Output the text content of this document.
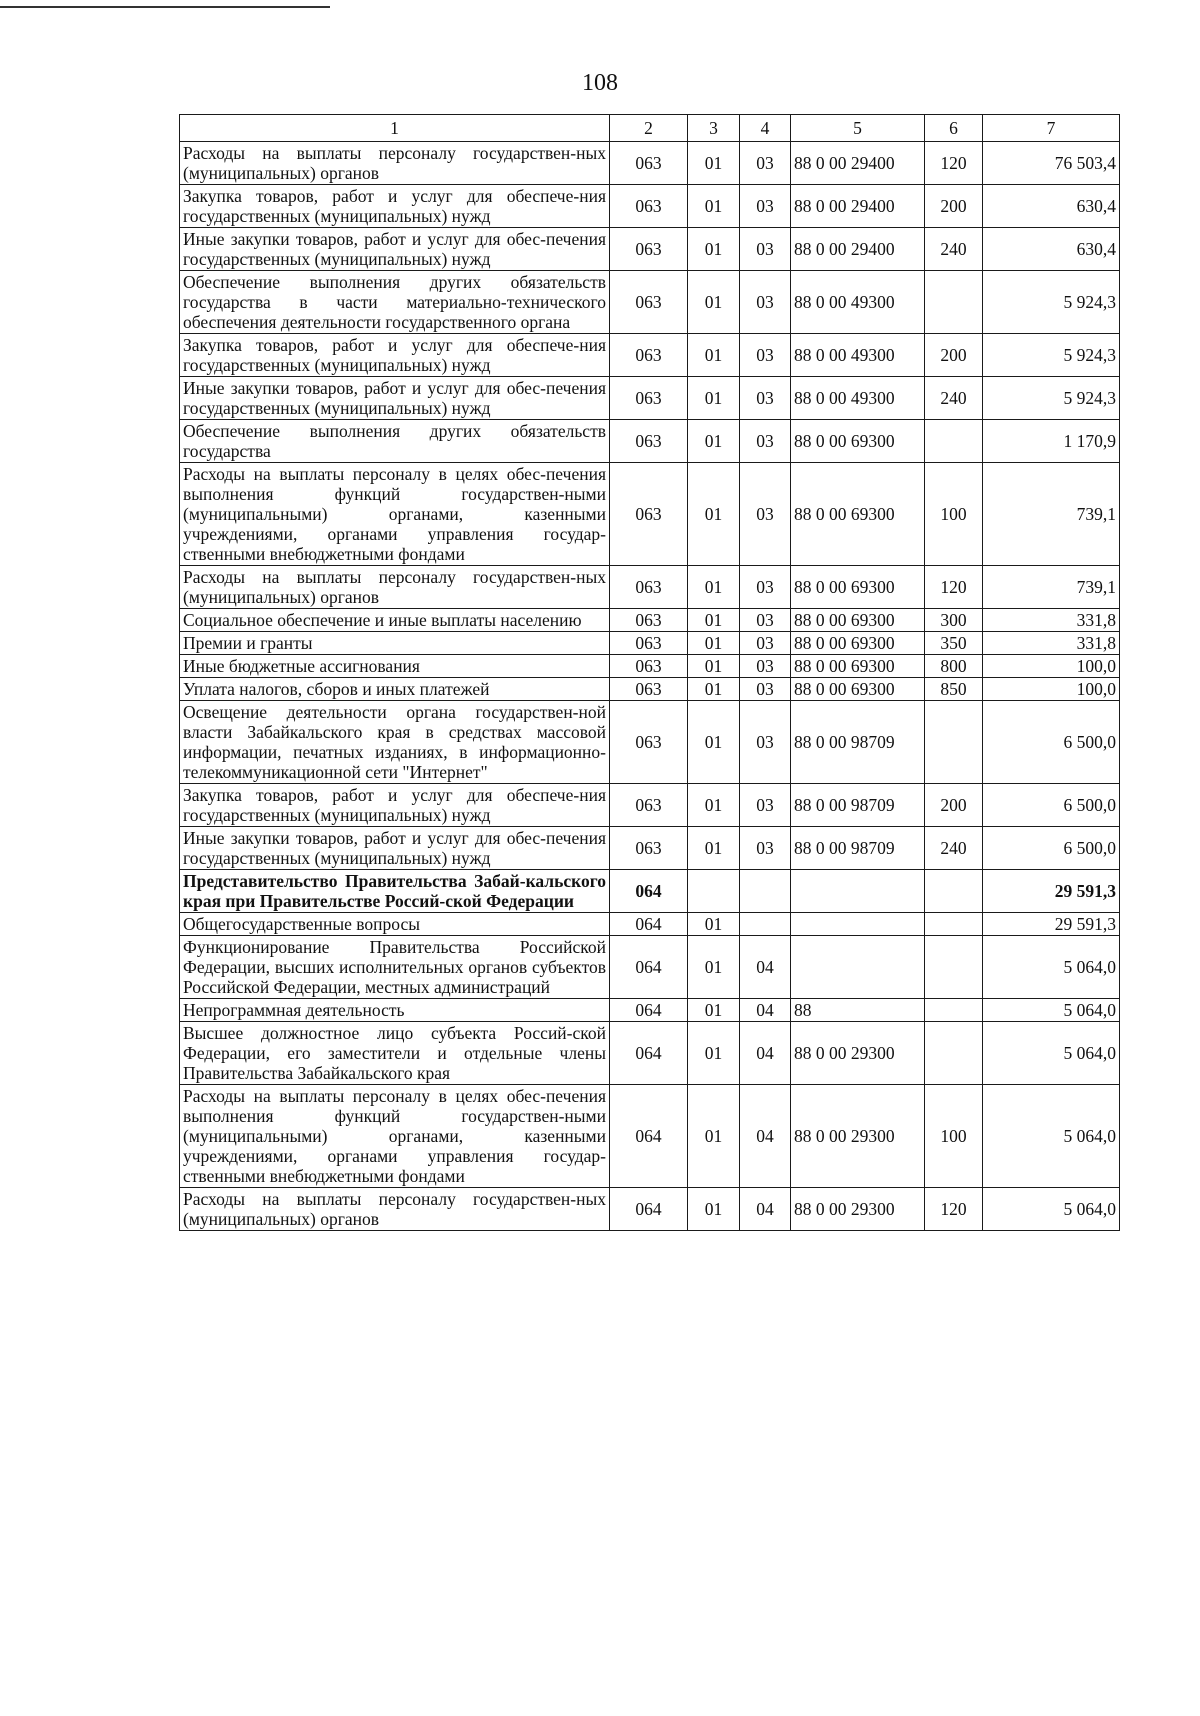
108
1	2	3	4	5	6	7
Расходы на выплаты персоналу государствен-ных (муниципальных) органов	063	01	03	88 0 00 29400	120	76 503,4
Закупка товаров, работ и услуг для обеспече-ния государственных (муниципальных) нужд	063	01	03	88 0 00 29400	200	630,4
Иные закупки товаров, работ и услуг для обес-печения государственных (муниципальных) нужд	063	01	03	88 0 00 29400	240	630,4
Обеспечение выполнения других обязательств государства в части материально-технического обеспечения деятельности государственного органа	063	01	03	88 0 00 49300		5 924,3
Закупка товаров, работ и услуг для обеспече-ния государственных (муниципальных) нужд	063	01	03	88 0 00 49300	200	5 924,3
Иные закупки товаров, работ и услуг для обес-печения государственных (муниципальных) нужд	063	01	03	88 0 00 49300	240	5 924,3
Обеспечение выполнения других обязательств государства	063	01	03	88 0 00 69300		1 170,9
Расходы на выплаты персоналу в целях обес-печения выполнения функций государствен-ными (муниципальными) органами, казенными учреждениями, органами управления государ-ственными внебюджетными фондами	063	01	03	88 0 00 69300	100	739,1
Расходы на выплаты персоналу государствен-ных (муниципальных) органов	063	01	03	88 0 00 69300	120	739,1
Социальное обеспечение и иные выплаты населению	063	01	03	88 0 00 69300	300	331,8
Премии и гранты	063	01	03	88 0 00 69300	350	331,8
Иные бюджетные ассигнования	063	01	03	88 0 00 69300	800	100,0
Уплата налогов, сборов и иных платежей	063	01	03	88 0 00 69300	850	100,0
Освещение деятельности органа государствен-ной власти Забайкальского края в средствах массовой информации, печатных изданиях, в информационно-телекоммуникационной сети "Интернет"	063	01	03	88 0 00 98709		6 500,0
Закупка товаров, работ и услуг для обеспече-ния государственных (муниципальных) нужд	063	01	03	88 0 00 98709	200	6 500,0
Иные закупки товаров, работ и услуг для обес-печения государственных (муниципальных) нужд	063	01	03	88 0 00 98709	240	6 500,0
Представительство Правительства Забай-кальского края при Правительстве Россий-ской Федерации	064					29 591,3
Общегосударственные вопросы	064	01				29 591,3
Функционирование Правительства Российской Федерации, высших исполнительных органов субъектов Российской Федерации, местных администраций	064	01	04			5 064,0
Непрограммная деятельность	064	01	04	88		5 064,0
Высшее должностное лицо субъекта Россий-ской Федерации, его заместители и отдельные члены Правительства Забайкальского края	064	01	04	88 0 00 29300		5 064,0
Расходы на выплаты персоналу в целях обес-печения выполнения функций государствен-ными (муниципальными) органами, казенными учреждениями, органами управления государ-ственными внебюджетными фондами	064	01	04	88 0 00 29300	100	5 064,0
Расходы на выплаты персоналу государствен-ных (муниципальных) органов	064	01	04	88 0 00 29300	120	5 064,0
